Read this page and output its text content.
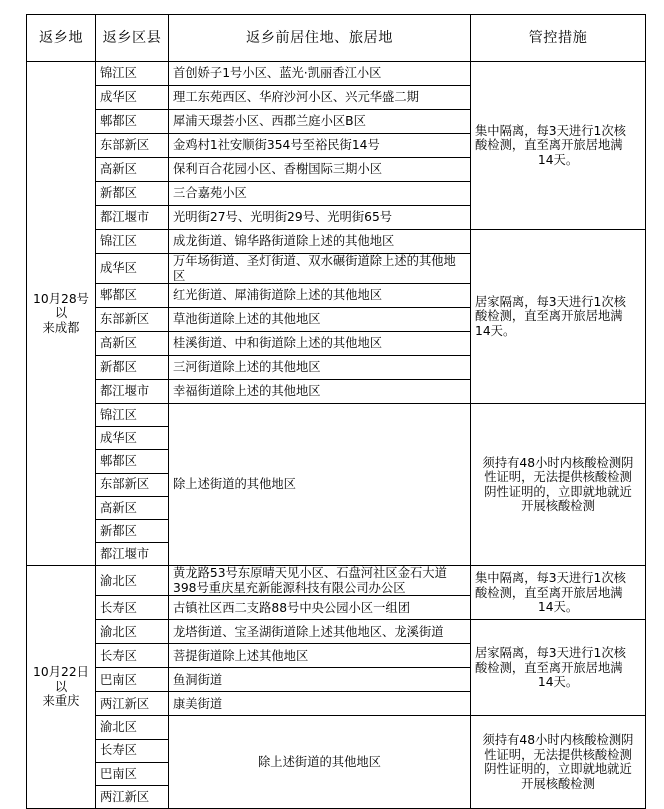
返乡地	返乡区县	返乡前居住地、旅居地	管控措施

10月28号以
来成都
	锦江区	首创娇子1号小区、蓝光·凯丽香江小区	
集中隔离，每3天进行1次核
酸检测，直至离开旅居地满
14天。

	成华区	理工东苑西区、华府沙河小区、兴元华盛二期	
	郫都区	犀浦天璟荟小区、西郡兰庭小区B区	
	东部新区	金鸡村1社安顺街354号至裕民街14号	
	高新区	保利百合花园小区、香榭国际三期小区	
	新都区	三合嘉苑小区	
	都江堰市	光明街27号、光明街29号、光明街65号	
	锦江区	成龙街道、锦华路街道除上述的其他地区	居家隔离，每3天进行1次核
酸检测，直至离开旅居地满
14天。

	成华区	万年场街道、圣灯街道、双水碾街道除上述的其他地区	
	郫都区	红光街道、犀浦街道除上述的其他地区	
	东部新区	草池街道除上述的其他地区	
	高新区	桂溪街道、中和街道除上述的其他地区	
	新都区	三河街道除上述的其他地区	
	都江堰市	幸福街道除上述的其他地区	
	锦江区	除上述街道的其他地区	须持有48小时内核酸检测阴
性证明，无法提供核酸检测
阴性证明的，立即就地就近
开展核酸检测

	成华区		
	郫都区		
	东部新区		
	高新区		
	新都区		
	都江堰市		

10月22日以
来重庆
	渝北区	黄龙路53号东原晴天见小区、石盘河社区金石大道398号重庆星充新能源科技有限公司办公区	
集中隔离，每3天进行1次核
酸检测，直至离开旅居地满
14天。

	长寿区	古镇社区西二支路88号中央公园小区一组团	
	渝北区	龙塔街道、宝圣湖街道除上述其他地区、龙溪街道	居家隔离，每3天进行1次核
酸检测，直至离开旅居地满
14天。

	长寿区	菩提街道除上述其他地区	
	巴南区	鱼洞街道	
	两江新区	康美街道	
	渝北区	除上述街道的其他地区	须持有48小时内核酸检测阴
性证明，无法提供核酸检测
阴性证明的，立即就地就近
开展核酸检测

	长寿区		
	巴南区		
	两江新区		
